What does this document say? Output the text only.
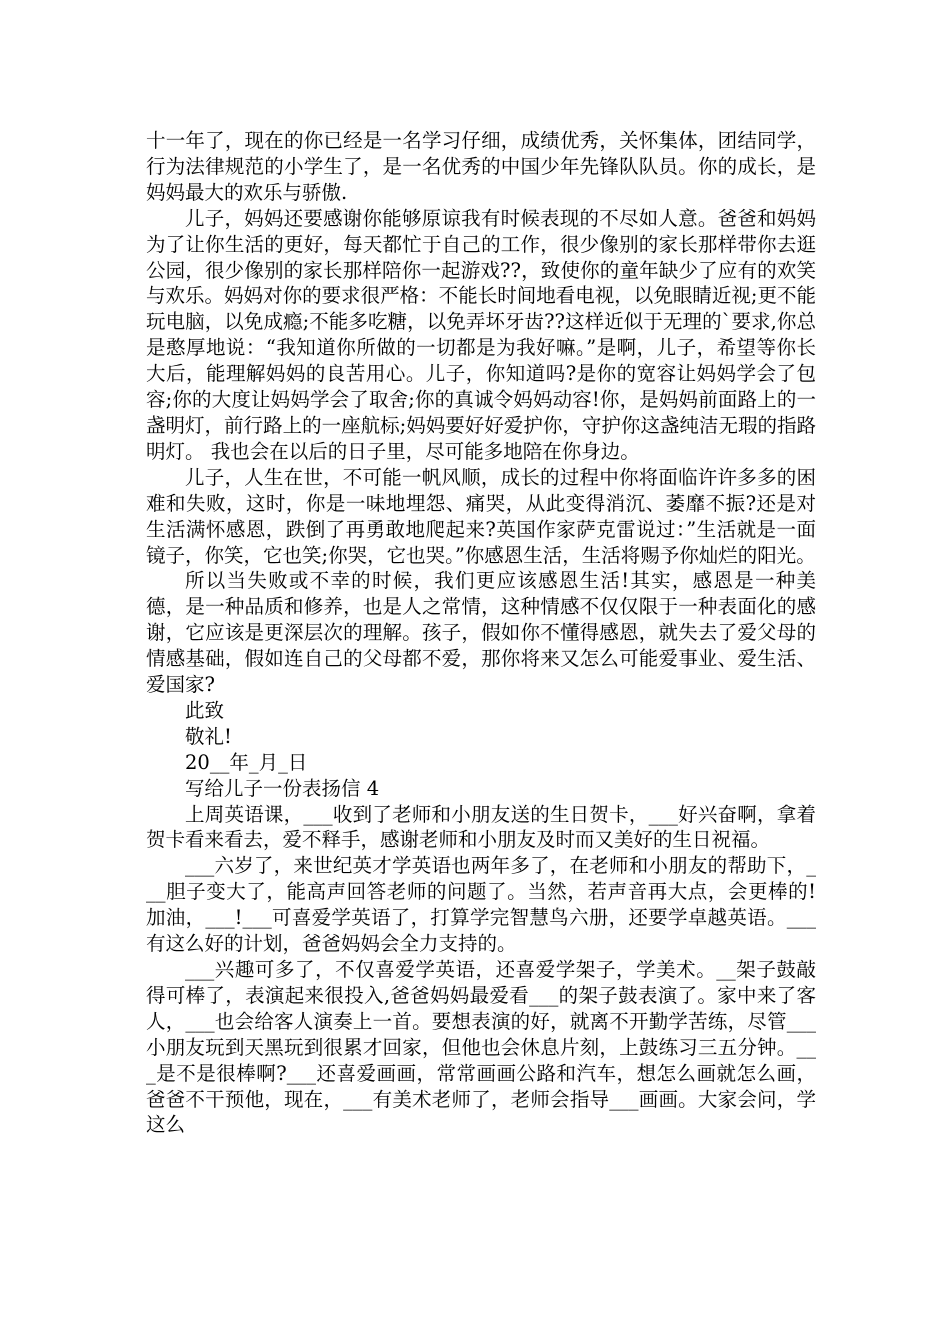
十一年了，现在的你已经是一名学习仔细，成绩优秀，关怀集体，团结同学，行为法律规范的小学生了，是一名优秀的中国少年先锋队队员。你的成长，是妈妈最大的欢乐与骄傲.

儿子，妈妈还要感谢你能够原谅我有时候表现的不尽如人意。爸爸和妈妈为了让你生活的更好，每天都忙于自己的工作，很少像别的家长那样带你去逛公园，很少像别的家长那样陪你一起游戏??，致使你的童年缺少了应有的欢笑与欢乐。妈妈对你的要求很严格：不能长时间地看电视，以免眼睛近视;更不能玩电脑，以免成瘾;不能多吃糖，以免弄坏牙齿??这样近似于无理的`要求,你总是憨厚地说：“我知道你所做的一切都是为我好嘛。”是啊，儿子，希望等你长大后，能理解妈妈的良苦用心。儿子，你知道吗?是你的宽容让妈妈学会了包容;你的大度让妈妈学会了取舍;你的真诚令妈妈动容!你，是妈妈前面路上的一盏明灯，前行路上的一座航标;妈妈要好好爱护你，守护你这盏纯洁无瑕的指路明灯。 我也会在以后的日子里，尽可能多地陪在你身边。

儿子，人生在世，不可能一帆风顺，成长的过程中你将面临许许多多的困难和失败，这时，你是一味地埋怨、痛哭，从此变得消沉、萎靡不振?还是对生活满怀感恩，跌倒了再勇敢地爬起来?英国作家萨克雷说过：”生活就是一面镜子，你笑，它也笑;你哭，它也哭。”你感恩生活，生活将赐予你灿烂的阳光。

所以当失败或不幸的时候，我们更应该感恩生活!其实，感恩是一种美德，是一种品质和修养，也是人之常情，这种情感不仅仅限于一种表面化的感谢，它应该是更深层次的理解。孩子，假如你不懂得感恩，就失去了爱父母的情感基础，假如连自己的父母都不爱，那你将来又怎么可能爱事业、爱生活、爱国家?

此致

敬礼!

20__年_月_日

写给儿子一份表扬信 4

上周英语课，___收到了老师和小朋友送的生日贺卡，___好兴奋啊，拿着贺卡看来看去，爱不释手，感谢老师和小朋友及时而又美好的生日祝福。

___六岁了，来世纪英才学英语也两年多了，在老师和小朋友的帮助下，___胆子变大了，能高声回答老师的问题了。当然，若声音再大点，会更棒的!加油，___!___可喜爱学英语了，打算学完智慧鸟六册，还要学卓越英语。___有这么好的计划，爸爸妈妈会全力支持的。

___兴趣可多了，不仅喜爱学英语，还喜爱学架子，学美术。__架子鼓敲得可棒了，表演起来很投入,爸爸妈妈最爱看___的架子鼓表演了。家中来了客人，___也会给客人演奏上一首。要想表演的好，就离不开勤学苦练，尽管___小朋友玩到天黑玩到很累才回家，但他也会休息片刻，上鼓练习三五分钟。___是不是很棒啊?___还喜爱画画，常常画画公路和汽车，想怎么画就怎么画，爸爸不干预他，现在，___有美术老师了，老师会指导___画画。大家会问，学这么
